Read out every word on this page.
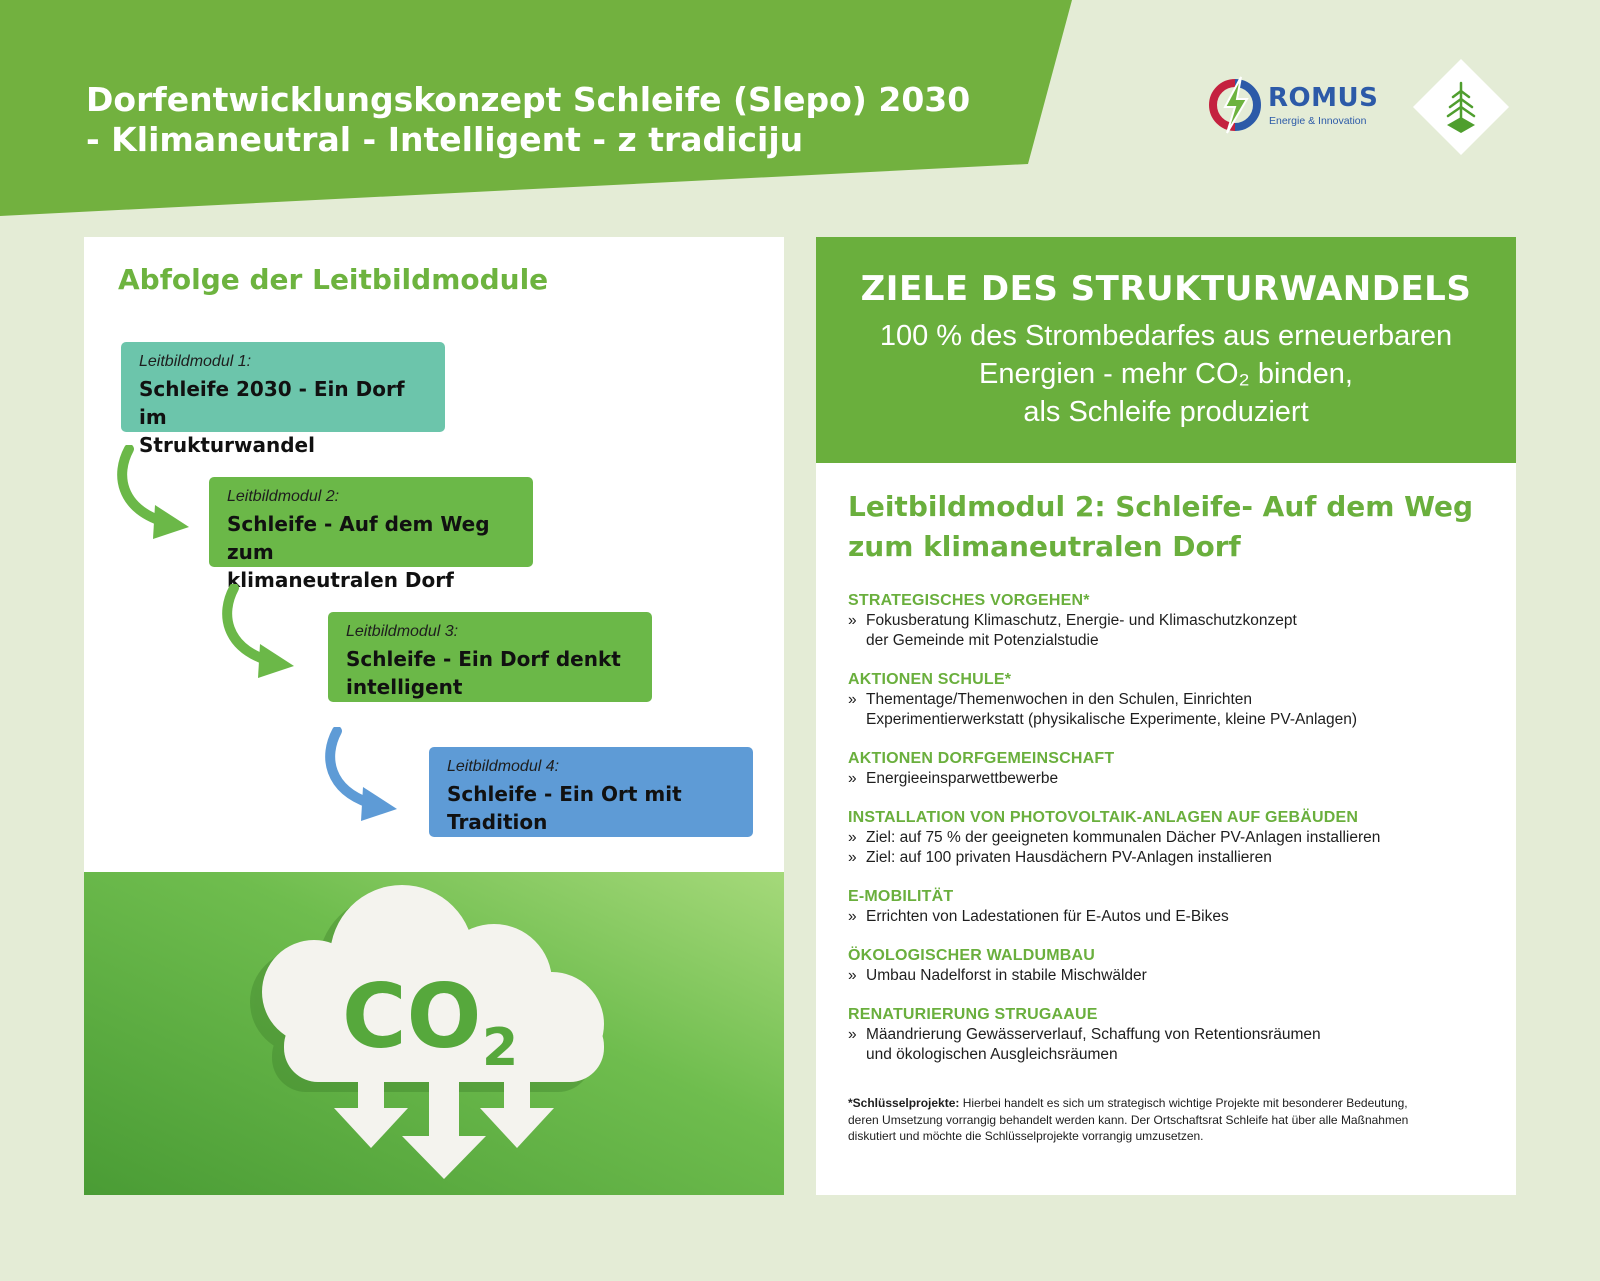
Dorfentwicklungskonzept Schleife (Slepo) 2030
- Klimaneutral - Intelligent - z tradiciju
ROMUS
Energie & Innovation
Abfolge der Leitbildmodule
Leitbildmodul 1:
Schleife 2030 - Ein Dorf im
Strukturwandel
Leitbildmodul 2:
Schleife - Auf dem Weg zum
klimaneutralen Dorf
Leitbildmodul 3:
Schleife - Ein Dorf denkt
intelligent
Leitbildmodul 4:
Schleife - Ein Ort mit
Tradition
CO 2
ZIELE DES STRUKTURWANDELS
100 % des Strombedarfes aus erneuerbaren
Energien - mehr CO₂ binden,
als Schleife produziert
Leitbildmodul 2: Schleife- Auf dem Weg
zum klimaneutralen Dorf
STRATEGISCHES VORGEHEN*
» Fokusberatung Klimaschutz, Energie- und Klimaschutzkonzept
der Gemeinde mit Potenzialstudie
AKTIONEN SCHULE*
» Thementage/Themenwochen in den Schulen, Einrichten
Experimentierwerkstatt (physikalische Experimente, kleine PV-Anlagen)
AKTIONEN DORFGEMEINSCHAFT
» Energieeinsparwettbewerbe
INSTALLATION VON PHOTOVOLTAIK-ANLAGEN AUF GEBÄUDEN
» Ziel: auf 75 % der geeigneten kommunalen Dächer PV-Anlagen installieren
» Ziel: auf 100 privaten Hausdächern PV-Anlagen installieren
E-MOBILITÄT
» Errichten von Ladestationen für E-Autos und E-Bikes
ÖKOLOGISCHER WALDUMBAU
» Umbau Nadelforst in stabile Mischwälder
RENATURIERUNG STRUGAAUE
» Mäandrierung Gewässerverlauf, Schaffung von Retentionsräumen
und ökologischen Ausgleichsräumen
*Schlüsselprojekte: Hierbei handelt es sich um strategisch wichtige Projekte mit besonderer Bedeutung,
deren Umsetzung vorrangig behandelt werden kann. Der Ortschaftsrat Schleife hat über alle Maßnahmen
diskutiert und möchte die Schlüsselprojekte vorrangig umzusetzen.
